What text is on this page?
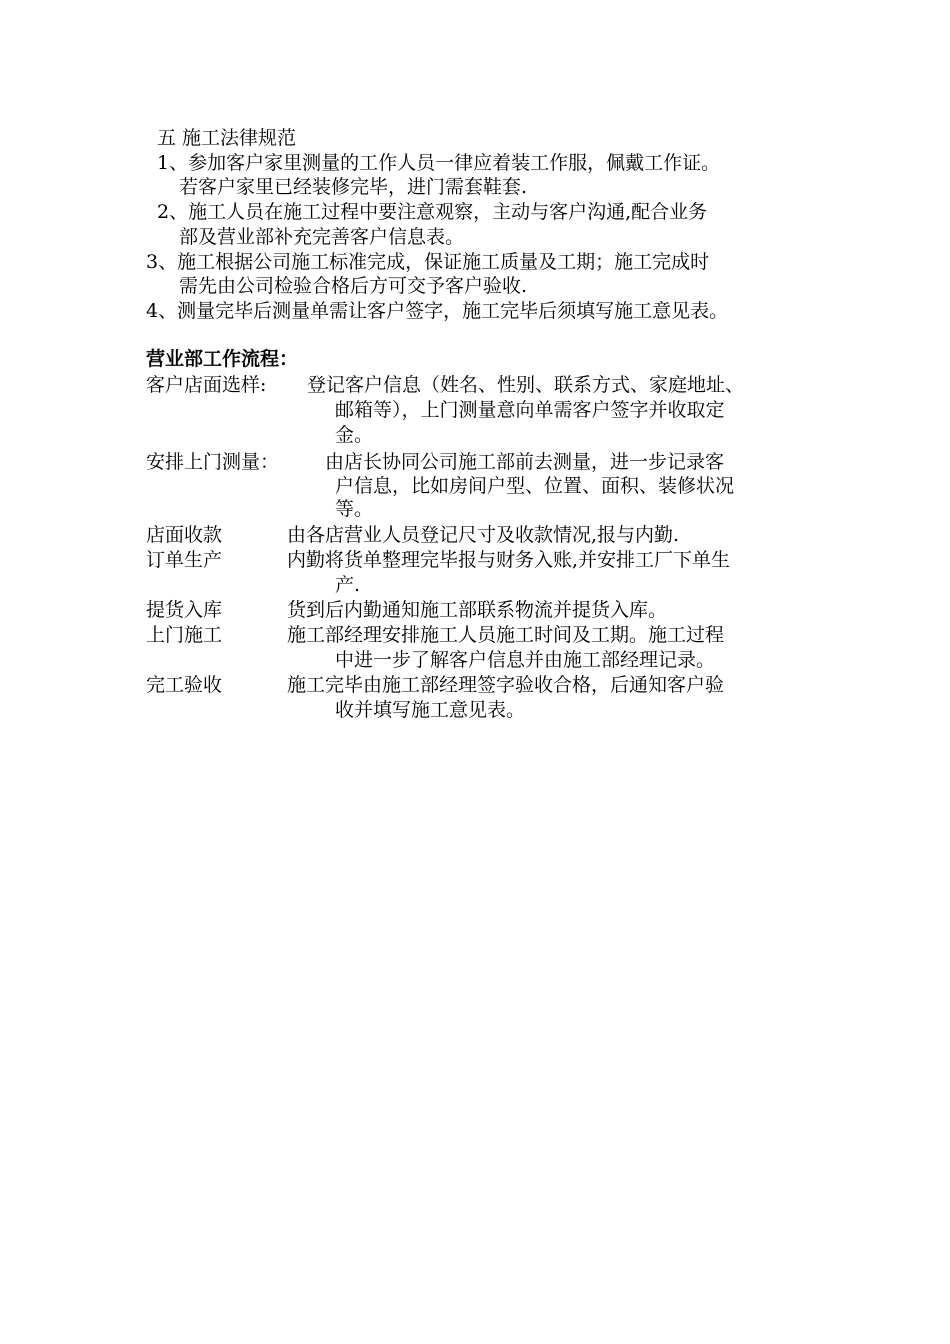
五 施工法律规范
1、参加客户家里测量的工作人员一律应着装工作服，佩戴工作证。
若客户家里已经装修完毕，进门需套鞋套.
2、施工人员在施工过程中要注意观察，主动与客户沟通,配合业务
部及营业部补充完善客户信息表。
3、施工根据公司施工标准完成，保证施工质量及工期；施工完成时
需先由公司检验合格后方可交予客户验收.
4、测量完毕后测量单需让客户签字，施工完毕后须填写施工意见表。
营业部工作流程：
客户店面选样: 登记客户信息（姓名、性别、联系方式、家庭地址、
邮箱等），上门测量意向单需客户签字并收取定
金。
安排上门测量： 由店长协同公司施工部前去测量，进一步记录客
户信息，比如房间户型、位置、面积、装修状况
等。
店面收款	由各店营业人员登记尺寸及收款情况,报与内勤.
订单生产	内勤将货单整理完毕报与财务入账,并安排工厂下单生
产.
提货入库	货到后内勤通知施工部联系物流并提货入库。
上门施工	施工部经理安排施工人员施工时间及工期。施工过程
中进一步了解客户信息并由施工部经理记录。
完工验收	施工完毕由施工部经理签字验收合格，后通知客户验
收并填写施工意见表。
